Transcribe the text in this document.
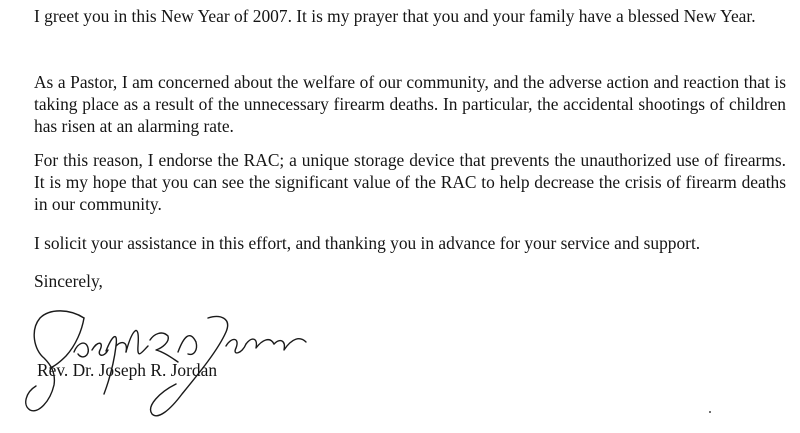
I greet you in this New Year of 2007. It is my prayer that you and your family have a blessed New Year.

As a Pastor, I am concerned about the welfare of our community, and the adverse action and reaction that is taking place as a result of the unnecessary firearm deaths. In particular, the accidental shootings of children has risen at an alarming rate.

For this reason, I endorse the RAC; a unique storage device that prevents the unauthorized use of firearms. It is my hope that you can see the significant value of the RAC to help decrease the crisis of firearm deaths in our community.

I solicit your assistance in this effort, and thanking you in advance for your service and support.

Sincerely,
Rev. Dr. Joseph R. Jordan
